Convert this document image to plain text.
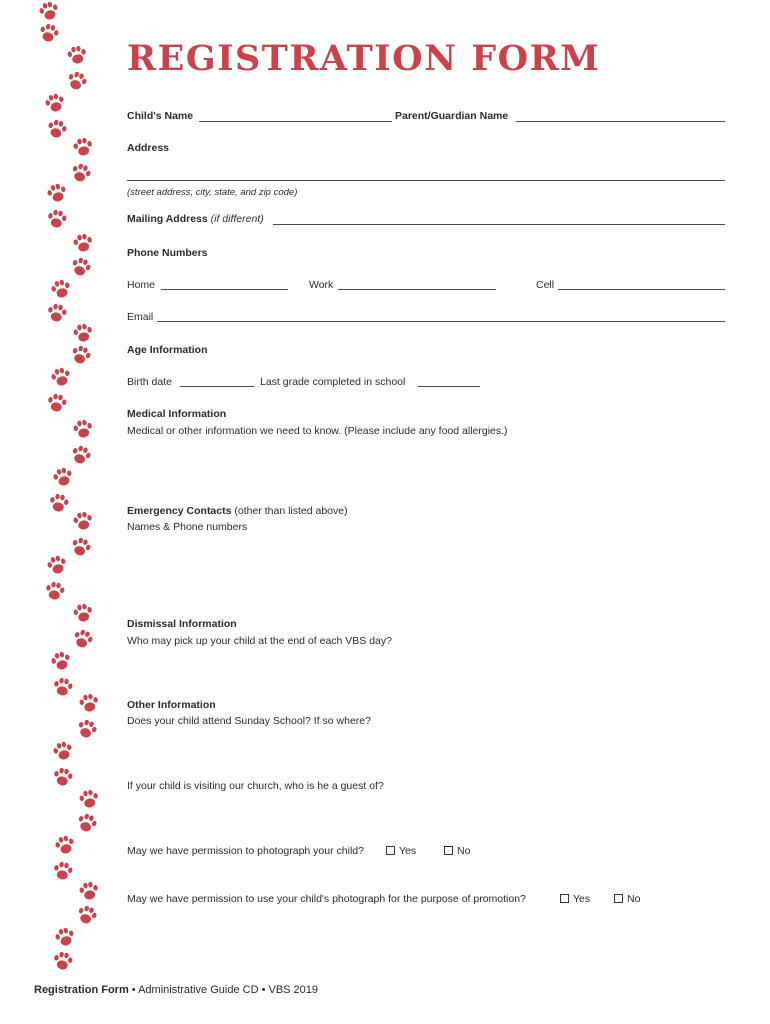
REGISTRATION FORM
Child's Name	Parent/Guardian Name
Address
(street address, city, state, and zip code)
Mailing Address (if different)
Phone Numbers
Home	Work	Cell
Email
Age Information
Birth date	Last grade completed in school
Medical Information
Medical or other information we need to know. (Please include any food allergies.)
Emergency Contacts (other than listed above)
Names & Phone numbers
Dismissal Information
Who may pick up your child at the end of each VBS day?
Other Information
Does your child attend Sunday School? If so where?
If your child is visiting our church, who is he a guest of?
May we have permission to photograph your child?	Yes	No
May we have permission to use your child's photograph for the purpose of promotion?	Yes	No
Registration Form • Administrative Guide CD • VBS 2019
